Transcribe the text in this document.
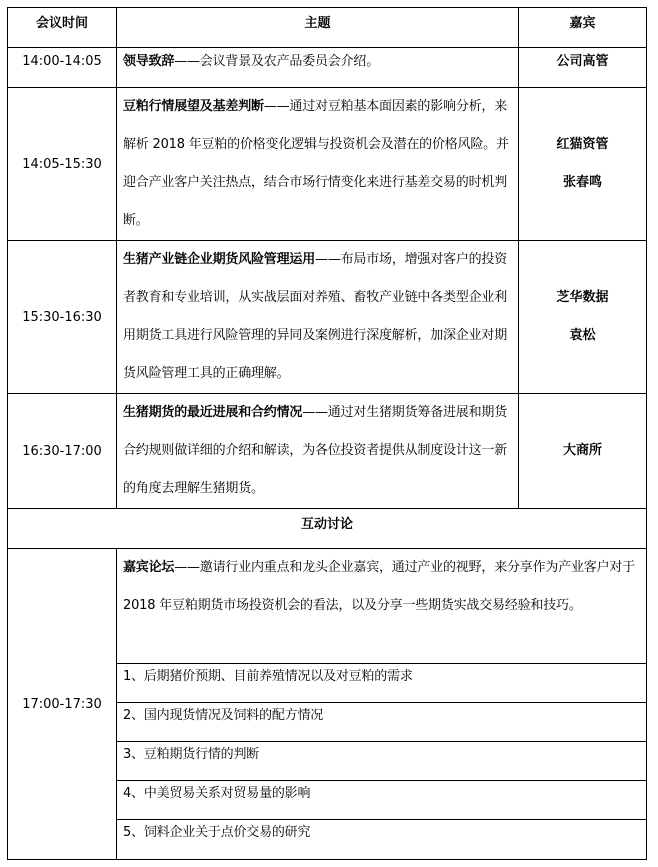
会议时间	主题	嘉宾

14:00-14:05	领导致辞——会议背景及农产品委员会介绍。	公司高管

14:05-15:30	豆粕行情展望及基差判断——通过对豆粕基本面因素的影响分析，来解析 2018 年豆粕的价格变化逻辑与投资机会及潜在的价格风险。并迎合产业客户关注热点，结合市场行情变化来进行基差交易的时机判断。	红猫资管
张春鸣

15:30-16:30	生猪产业链企业期货风险管理运用——布局市场，增强对客户的投资者教育和专业培训，从实战层面对养殖、畜牧产业链中各类型企业利用期货工具进行风险管理的异同及案例进行深度解析，加深企业对期货风险管理工具的正确理解。	芝华数据
袁松

16:30-17:00	生猪期货的最近进展和合约情况——通过对生猪期货筹备进展和期货合约规则做详细的介绍和解读，为各位投资者提供从制度设计这一新的角度去理解生猪期货。	大商所

互动讨论		

17:00-17:30	嘉宾论坛——邀请行业内重点和龙头企业嘉宾，通过产业的视野，来分享作为产业客户对于 2018 年豆粕期货市场投资机会的看法，以及分享一些期货实战交易经验和技巧。	
	1、后期猪价预期、目前养殖情况以及对豆粕的需求	
	2、国内现货情况及饲料的配方情况	
	3、豆粕期货行情的判断	
	4、中美贸易关系对贸易量的影响	
	5、饲料企业关于点价交易的研究	
